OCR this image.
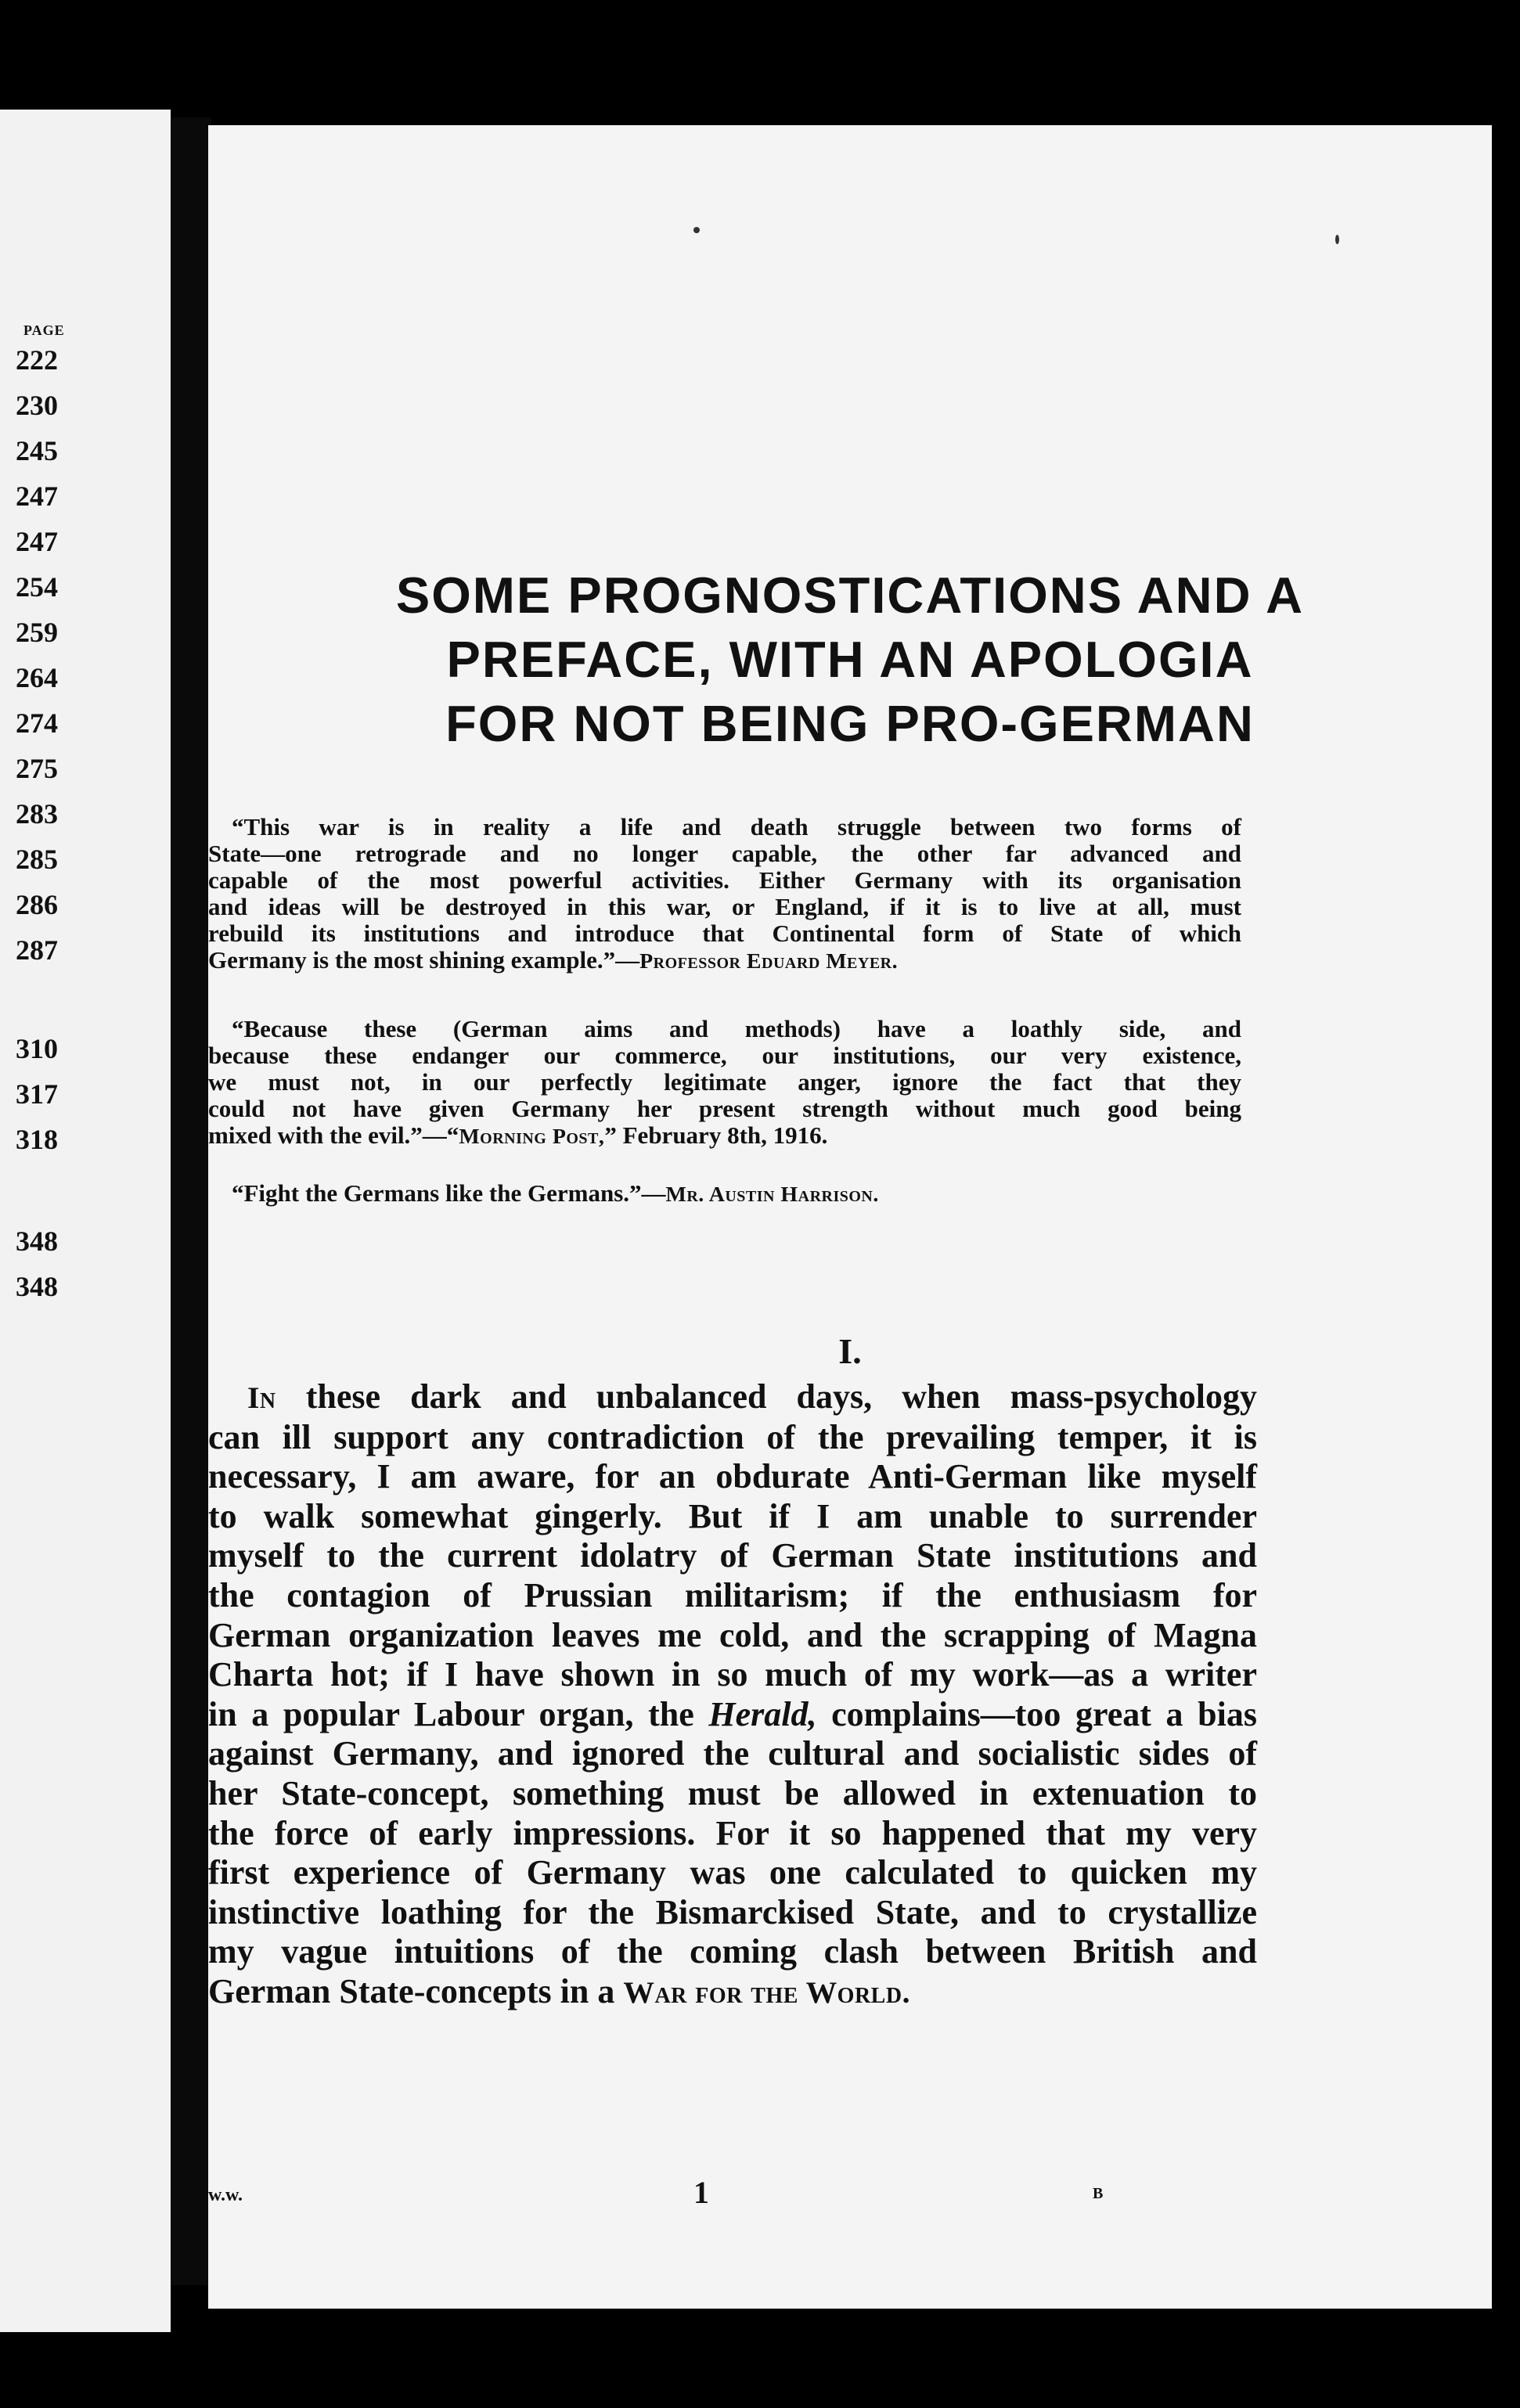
PAGE
222
230
245
247
247
254
259
264
274
275
283
285
286
287
310
317
318
348
348
SOME PROGNOSTICATIONS AND A
PREFACE, WITH AN APOLOGIA
FOR NOT BEING PRO-GERMAN
“This war is in reality a life and death struggle between two forms of
State—one retrograde and no longer capable, the other far advanced and
capable of the most powerful activities. Either Germany with its organisation
and ideas will be destroyed in this war, or England, if it is to live at all, must
rebuild its institutions and introduce that Continental form of State of which
Germany is the most shining example.”—Professor Eduard Meyer.
“Because these (German aims and methods) have a loathly side, and
because these endanger our commerce, our institutions, our very existence,
we must not, in our perfectly legitimate anger, ignore the fact that they
could not have given Germany her present strength without much good being
mixed with the evil.”—“Morning Post,” February 8th, 1916.
“Fight the Germans like the Germans.”—Mr. Austin Harrison.
I.
In these dark and unbalanced days, when mass-psychology
can ill support any contradiction of the prevailing temper, it is
necessary, I am aware, for an obdurate Anti-German like myself
to walk somewhat gingerly. But if I am unable to surrender
myself to the current idolatry of German State institutions and
the contagion of Prussian militarism; if the enthusiasm for
German organization leaves me cold, and the scrapping of Magna
Charta hot; if I have shown in so much of my work—as a writer
in a popular Labour organ, the Herald, complains—too great a bias
against Germany, and ignored the cultural and socialistic sides of
her State-concept, something must be allowed in extenuation to
the force of early impressions. For it so happened that my very
first experience of Germany was one calculated to quicken my
instinctive loathing for the Bismarckised State, and to crystallize
my vague intuitions of the coming clash between British and
German State-concepts in a War for the World.
w.w.	1	B
